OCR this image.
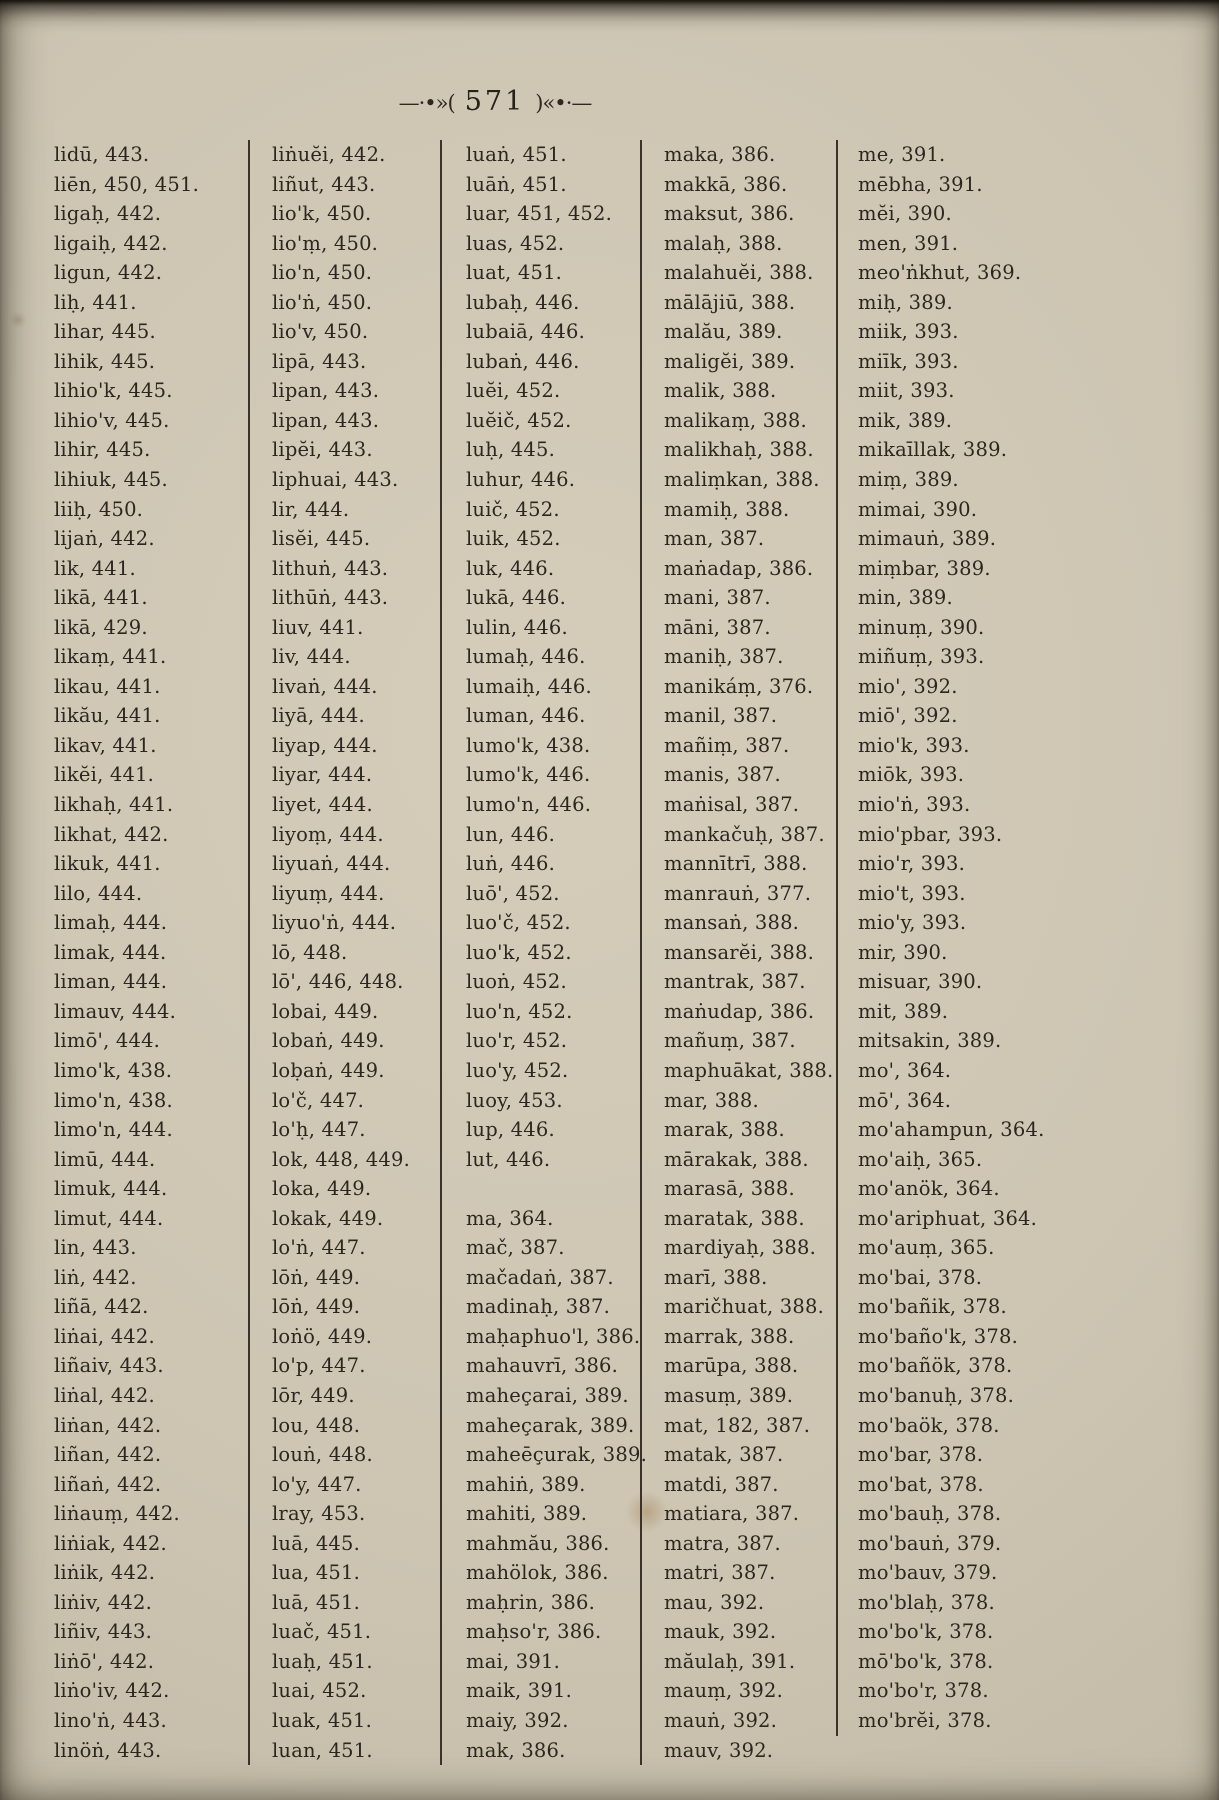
—·•»( 571 )«•·—
lidū, 443.
liēn, 450, 451.
ligaḥ, 442.
ligaiḥ, 442.
ligun, 442.
liḥ, 441.
lihar, 445.
lihik, 445.
lihio'k, 445.
lihio'v, 445.
lihir, 445.
lihiuk, 445.
liiḥ, 450.
lijaṅ, 442.
lik, 441.
likā, 441.
likā, 429.
likaṃ, 441.
likau, 441.
likău, 441.
likav, 441.
likĕi, 441.
likhaḥ, 441.
likhat, 442.
likuk, 441.
lilo, 444.
limaḥ, 444.
limak, 444.
liman, 444.
limauv, 444.
limō', 444.
limo'k, 438.
limo'n, 438.
limo'n, 444.
limū, 444.
limuk, 444.
limut, 444.
lin, 443.
liṅ, 442.
liñā, 442.
liṅai, 442.
liñaiv, 443.
liṅal, 442.
liṅan, 442.
liñan, 442.
liñaṅ, 442.
liṅauṃ, 442.
liṅiak, 442.
liṅik, 442.
liṅiv, 442.
liñiv, 443.
liṅō', 442.
liṅo'iv, 442.
lino'ṅ, 443.
linöṅ, 443.
liṅuĕi, 442.
liñut, 443.
lio'k, 450.
lio'ṃ, 450.
lio'n, 450.
lio'ṅ, 450.
lio'v, 450.
lipā, 443.
lipan, 443.
lipan, 443.
lipĕi, 443.
liphuai, 443.
lir, 444.
lisĕi, 445.
lithuṅ, 443.
lithūṅ, 443.
liuv, 441.
liv, 444.
livaṅ, 444.
liyā, 444.
liyap, 444.
liyar, 444.
liyet, 444.
liyoṃ, 444.
liyuaṅ, 444.
liyuṃ, 444.
liyuo'ṅ, 444.
lō, 448.
lō', 446, 448.
lobai, 449.
lobaṅ, 449.
loḅaṅ, 449.
lo'č, 447.
lo'ḥ, 447.
lok, 448, 449.
loka, 449.
lokak, 449.
lo'ṅ, 447.
lōṅ, 449.
lōṅ, 449.
loṅö, 449.
lo'p, 447.
lōr, 449.
lou, 448.
louṅ, 448.
lo'y, 447.
lray, 453.
luā, 445.
lua, 451.
luā, 451.
luač, 451.
luaḥ, 451.
luai, 452.
luak, 451.
luan, 451.
luaṅ, 451.
luāṅ, 451.
luar, 451, 452.
luas, 452.
luat, 451.
lubaḥ, 446.
lubaiā, 446.
lubaṅ, 446.
luĕi, 452.
luĕič, 452.
luḥ, 445.
luhur, 446.
luič, 452.
luik, 452.
luk, 446.
lukā, 446.
lulin, 446.
lumaḥ, 446.
lumaiḥ, 446.
luman, 446.
lumo'k, 438.
lumo'k, 446.
lumo'n, 446.
lun, 446.
luṅ, 446.
luō', 452.
luo'č, 452.
luo'k, 452.
luoṅ, 452.
luo'n, 452.
luo'r, 452.
luo'y, 452.
luoy, 453.
lup, 446.
lut, 446.
ma, 364.
mač, 387.
mačadaṅ, 387.
madinaḥ, 387.
maḥaphuo'l, 386.
mahauvrī, 386.
maheçarai, 389.
maheçarak, 389.
maheēçurak, 389.
mahiṅ, 389.
mahiti, 389.
mahmău, 386.
mahölok, 386.
maḥrin, 386.
maḥso'r, 386.
mai, 391.
maik, 391.
maiy, 392.
mak, 386.
maka, 386.
makkā, 386.
maksut, 386.
malaḥ, 388.
malahuĕi, 388.
mālājiū, 388.
malău, 389.
maligĕi, 389.
malik, 388.
malikaṃ, 388.
malikhaḥ, 388.
maliṃkan, 388.
mamiḥ, 388.
man, 387.
maṅadap, 386.
mani, 387.
māni, 387.
maniḥ, 387.
manikáṃ, 376.
manil, 387.
mañiṃ, 387.
manis, 387.
maṅisal, 387.
mankačuḥ, 387.
mannītrī, 388.
manrauṅ, 377.
mansaṅ, 388.
mansarĕi, 388.
mantrak, 387.
maṅudap, 386.
mañuṃ, 387.
maphuākat, 388.
mar, 388.
marak, 388.
mārakak, 388.
marasā, 388.
maratak, 388.
mardiyaḥ, 388.
marī, 388.
maričhuat, 388.
marrak, 388.
marūpa, 388.
masuṃ, 389.
mat, 182, 387.
matak, 387.
matdi, 387.
matiara, 387.
matra, 387.
matri, 387.
mau, 392.
mauk, 392.
măulaḥ, 391.
mauṃ, 392.
mauṅ, 392.
mauv, 392.
me, 391.
mēbha, 391.
mĕi, 390.
men, 391.
meo'ṅkhut, 369.
miḥ, 389.
miik, 393.
miīk, 393.
miit, 393.
mik, 389.
mikaīllak, 389.
miṃ, 389.
mimai, 390.
mimauṅ, 389.
miṃbar, 389.
min, 389.
minuṃ, 390.
miñuṃ, 393.
mio', 392.
miō', 392.
mio'k, 393.
miōk, 393.
mio'ṅ, 393.
mio'pbar, 393.
mio'r, 393.
mio't, 393.
mio'y, 393.
mir, 390.
misuar, 390.
mit, 389.
mitsakin, 389.
mo', 364.
mō', 364.
mo'ahampun, 364.
mo'aiḥ, 365.
mo'anök, 364.
mo'ariphuat, 364.
mo'auṃ, 365.
mo'bai, 378.
mo'bañik, 378.
mo'baño'k, 378.
mo'bañök, 378.
mo'banuḥ, 378.
mo'baök, 378.
mo'bar, 378.
mo'bat, 378.
mo'bauḥ, 378.
mo'bauṅ, 379.
mo'bauv, 379.
mo'blaḥ, 378.
mo'bo'k, 378.
mō'bo'k, 378.
mo'bo'r, 378.
mo'brĕi, 378.
